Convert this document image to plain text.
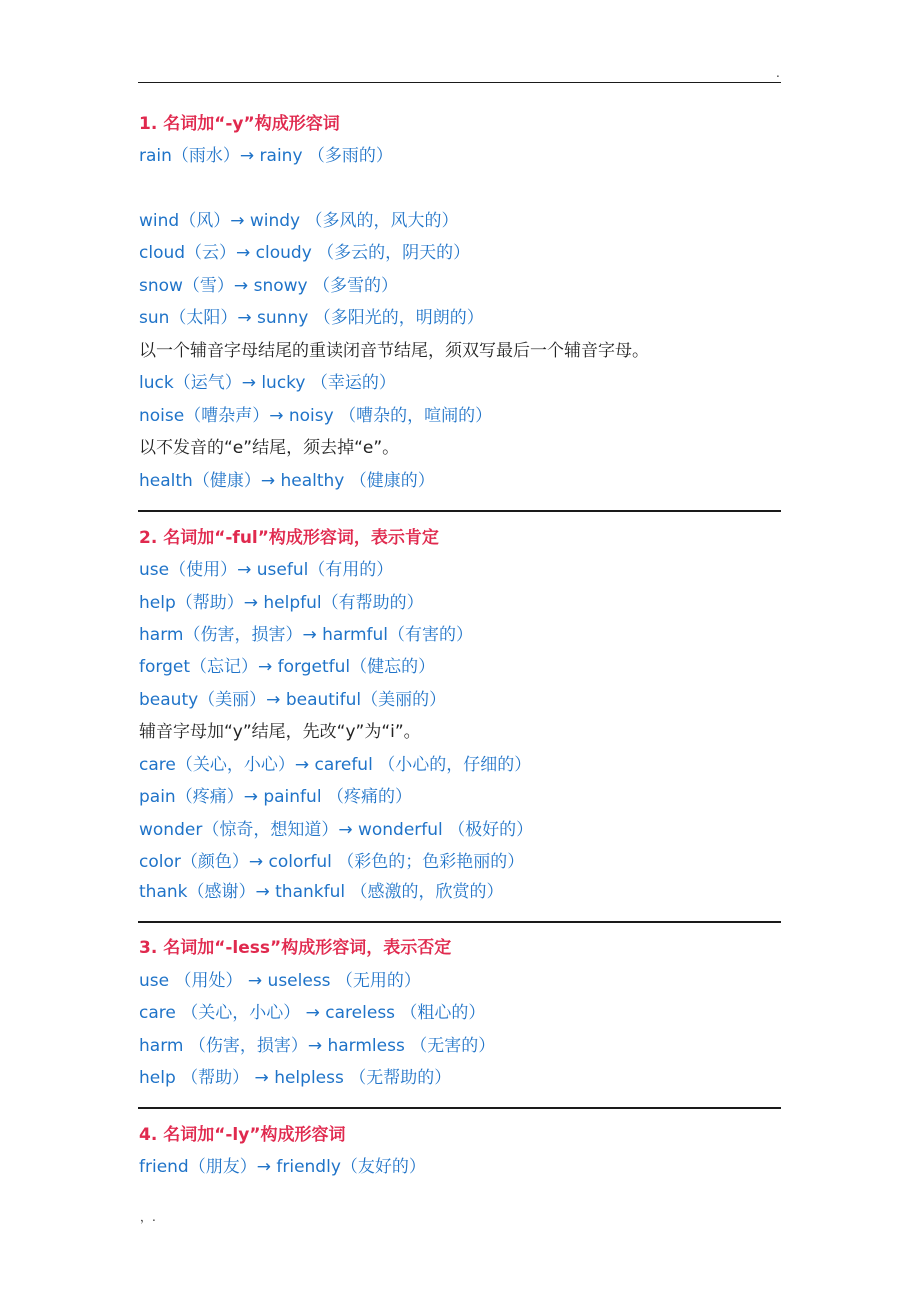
.
1. 名词加“-y”构成形容词
rain（雨水）→ rainy （多雨的）
wind（风）→ windy （多风的，风大的）
cloud（云）→ cloudy （多云的，阴天的）
snow（雪）→ snowy （多雪的）
sun（太阳）→ sunny （多阳光的，明朗的）
以一个辅音字母结尾的重读闭音节结尾，须双写最后一个辅音字母。
luck（运气）→ lucky （幸运的）
noise（嘈杂声）→ noisy （嘈杂的，喧闹的）
以不发音的“e”结尾，须去掉“e”。
health（健康）→ healthy （健康的）
2. 名词加“-ful”构成形容词，表示肯定
use（使用）→ useful（有用的）
help（帮助）→ helpful（有帮助的）
harm（伤害，损害）→ harmful（有害的）
forget（忘记）→ forgetful（健忘的）
beauty（美丽）→ beautiful（美丽的）
辅音字母加“y”结尾，先改“y”为“i”。
care（关心，小心）→ careful （小心的，仔细的）
pain（疼痛）→ painful （疼痛的）
wonder（惊奇，想知道）→ wonderful （极好的）
color（颜色）→ colorful （彩色的；色彩艳丽的）
thank（感谢）→ thankful （感激的，欣赏的）
3. 名词加“-less”构成形容词，表示否定
use （用处） → useless （无用的）
care （关心，小心） → careless （粗心的）
harm （伤害，损害）→ harmless （无害的）
help （帮助） → helpless （无帮助的）
4. 名词加“-ly”构成形容词
friend（朋友）→ friendly（友好的）
，.
